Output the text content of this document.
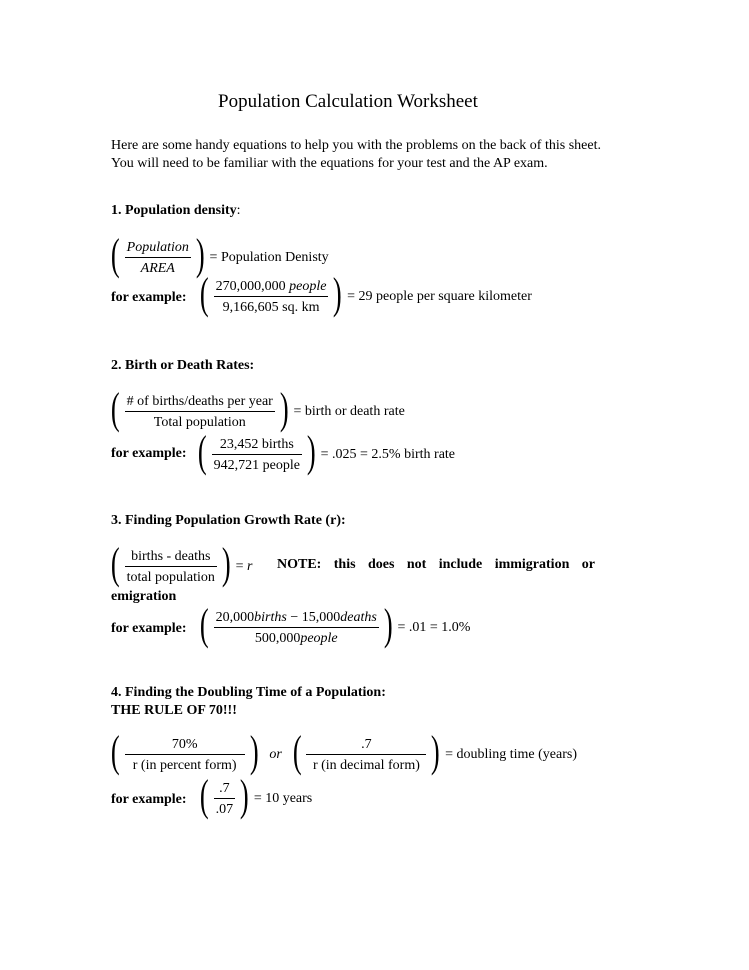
Population Calculation Worksheet
Here are some handy equations to help you with the problems on the back of this sheet. You will need to be familiar with the equations for your test and the AP exam.
1. Population density:
( $\frac{\text{Population}}{\text{AREA}}$ ) = Population Denisty
for example: ( $\frac{\text{270,000,000 people}}{9,166,605 sq. km}$ ) = 29 people per square kilometer
2. Birth or Death Rates:
( $\frac{\text{\# of births/deaths per year}}{\text{Total population}}$ ) = birth or death rate
for example: ( $\frac{\text{23,452 births}}{\text{942,721 people}}$ ) = .025 = 2.5% birth rate
3. Finding Population Growth Rate (r):
( $\frac{\text{births - deaths}}{\text{total population}}$ ) = r NOTE: this does not include immigration or
emigration
for example: ( $\frac{\text{20,000births − 15,000deaths}}{\text{500,000people}}$ ) = .01 = 1.0%
4. Finding the Doubling Time of a Population:
THE RULE OF 70!!!
( $\frac{70\%}{\text{r (in percent form)}}$ ) or ( $\frac{.7}{\text{r (in decimal form)}}$ ) = doubling time (years)
for example: ( $\frac{.7}{.07}$ ) = 10 years
